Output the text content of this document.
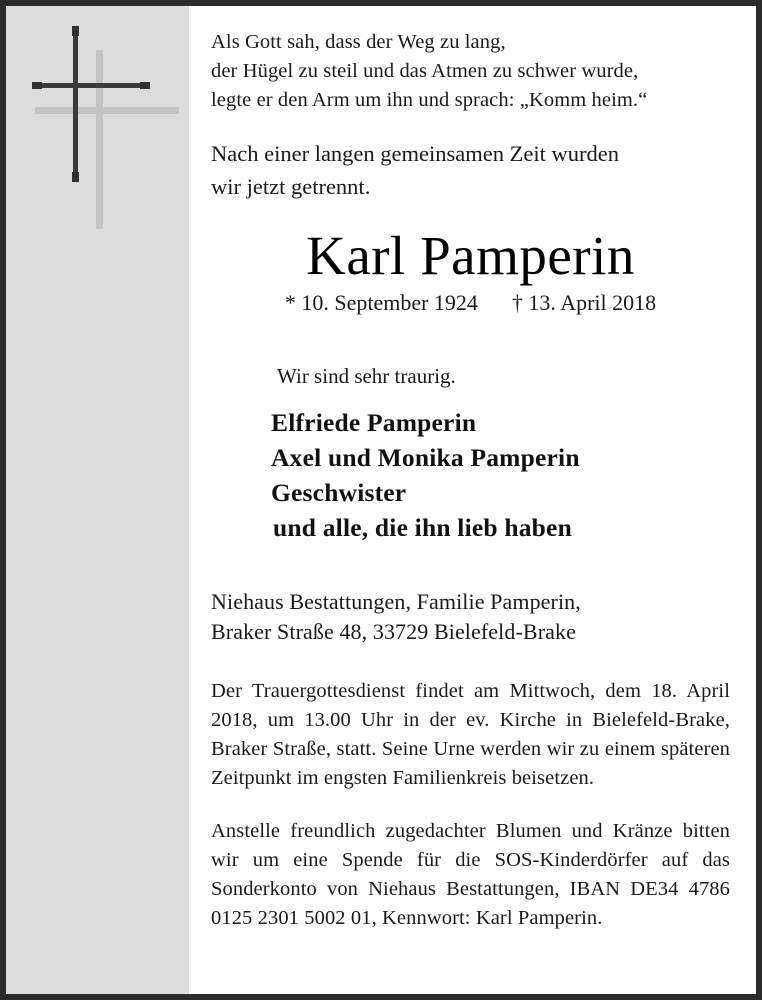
Als Gott sah, dass der Weg zu lang,
der Hügel zu steil und das Atmen zu schwer wurde,
legte er den Arm um ihn und sprach: „Komm heim.“
Nach einer langen gemeinsamen Zeit wurden
wir jetzt getrennt.
Karl Pamperin
* 10. September 1924 † 13. April 2018
Wir sind sehr traurig.
Elfriede Pamperin
Axel und Monika Pamperin
Geschwister
und alle, die ihn lieb haben
Niehaus Bestattungen, Familie Pamperin,
Braker Straße 48, 33729 Bielefeld-Brake
Der Trauergottesdienst findet am Mittwoch, dem 18. April 2018, um 13.00 Uhr in der ev. Kirche in Bielefeld-Brake, Braker Straße, statt. Seine Urne werden wir zu einem späteren Zeitpunkt im engsten Familienkreis beisetzen.
Anstelle freundlich zugedachter Blumen und Kränze bitten wir um eine Spende für die SOS-Kinderdörfer auf das Sonderkonto von Niehaus Bestattungen, IBAN DE34 4786 0125 2301 5002 01, Kennwort: Karl Pamperin.
